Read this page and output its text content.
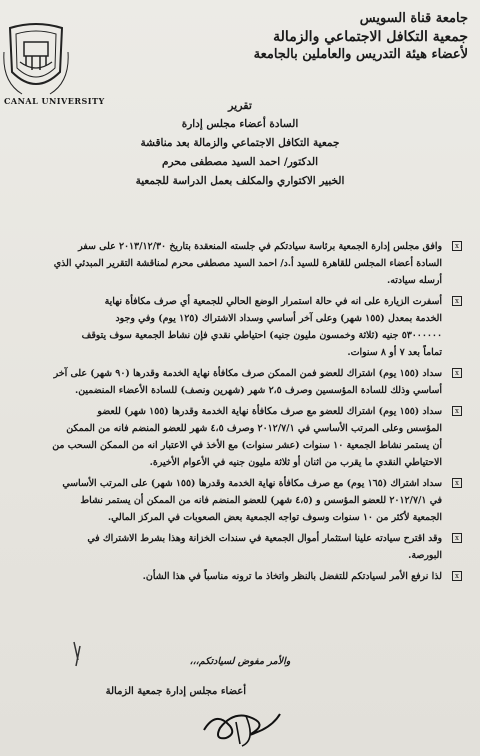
جامعة قناة السويس
جمعية التكافل الاجتماعي والزمالة
لأعضاء هيئة التدريس والعاملين بالجامعة
CANAL UNIVERSITY	تقرير
السادة أعضاء مجلس إدارة
جمعية التكافل الاجتماعي والزمالة بعد مناقشة
الدكتور/ احمد السيد مصطفى محرم
الخبير الاكتواري والمكلف بعمل الدراسة للجمعية
x

وافق مجلس إدارة الجمعية برئاسة سيادتكم في جلسته المنعقدة بتاريخ ٢٠١٣/١٢/٣٠ على سفر

السادة أعضاء المجلس للقاهرة للسيد أ.د/ احمد السيد مصطفى محرم لمناقشة التقرير المبدئي الذي

أرسله سيادته.

x

أسفرت الزيارة على انه في حالة استمرار الوضع الحالي للجمعية أي صرف مكافأة نهاية

الخدمة بمعدل (١٥٥ شهر) وعلى آخر أساسي وسداد الاشتراك (١٢٥ يوم) وفي وجود

٥٣٠٠٠٠٠٠ جنيه (ثلاثة وخمسون مليون جنيه) احتياطي نقدي فإن نشاط الجمعية سوف يتوقف

تماماً بعد ٧ أو ٨ سنوات.

x

سداد (١٥٥ يوم) اشتراك للعضو فمن الممكن صرف مكافأة نهاية الخدمة وقدرها (٩٠ شهر) على آخر

أساسي وذلك للسادة المؤسسين وصرف ٢،٥ شهر (شهرين ونصف) للسادة الأعضاء المنضمين.

x

سداد (١٥٥ يوم) اشتراك للعضو مع صرف مكافأة نهاية الخدمة وقدرها (١٥٥ شهر) للعضو

المؤسس وعلى المرتب الأساسي في ٢٠١٢/٧/١ وصرف ٤،٥ شهر للعضو المنضم فانه من الممكن

أن يستمر نشاط الجمعية ١٠ سنوات (عشر سنوات) مع الأخذ في الاعتبار انه من الممكن السحب من

الاحتياطي النقدي ما يقرب من اثنان أو ثلاثة مليون جنيه في الأعوام الأخيرة.

x

سداد اشتراك (١٦٥ يوم) مع صرف مكافأة نهاية الخدمة وقدرها (١٥٥ شهر) على المرتب الأساسي

في ٢٠١٢/٧/١ للعضو المؤسس و (٤،٥ شهر) للعضو المنضم فانه من الممكن أن يستمر نشاط

الجمعية لأكثر من ١٠ سنوات وسوف تواجه الجمعية بعض الصعوبات في المركز المالي.

x

وقد اقترح سيادته علينا استثمار أموال الجمعية في سندات الخزانة وهذا بشرط الاشتراك في

البورصة.

x

لذا نرفع الأمر لسيادتكم للتفضل بالنظر واتخاذ ما ترونه مناسباً في هذا الشأن.

والأمر مفوض لسيادتكم،،،
أعضاء مجلس إدارة جمعية الزمالة
